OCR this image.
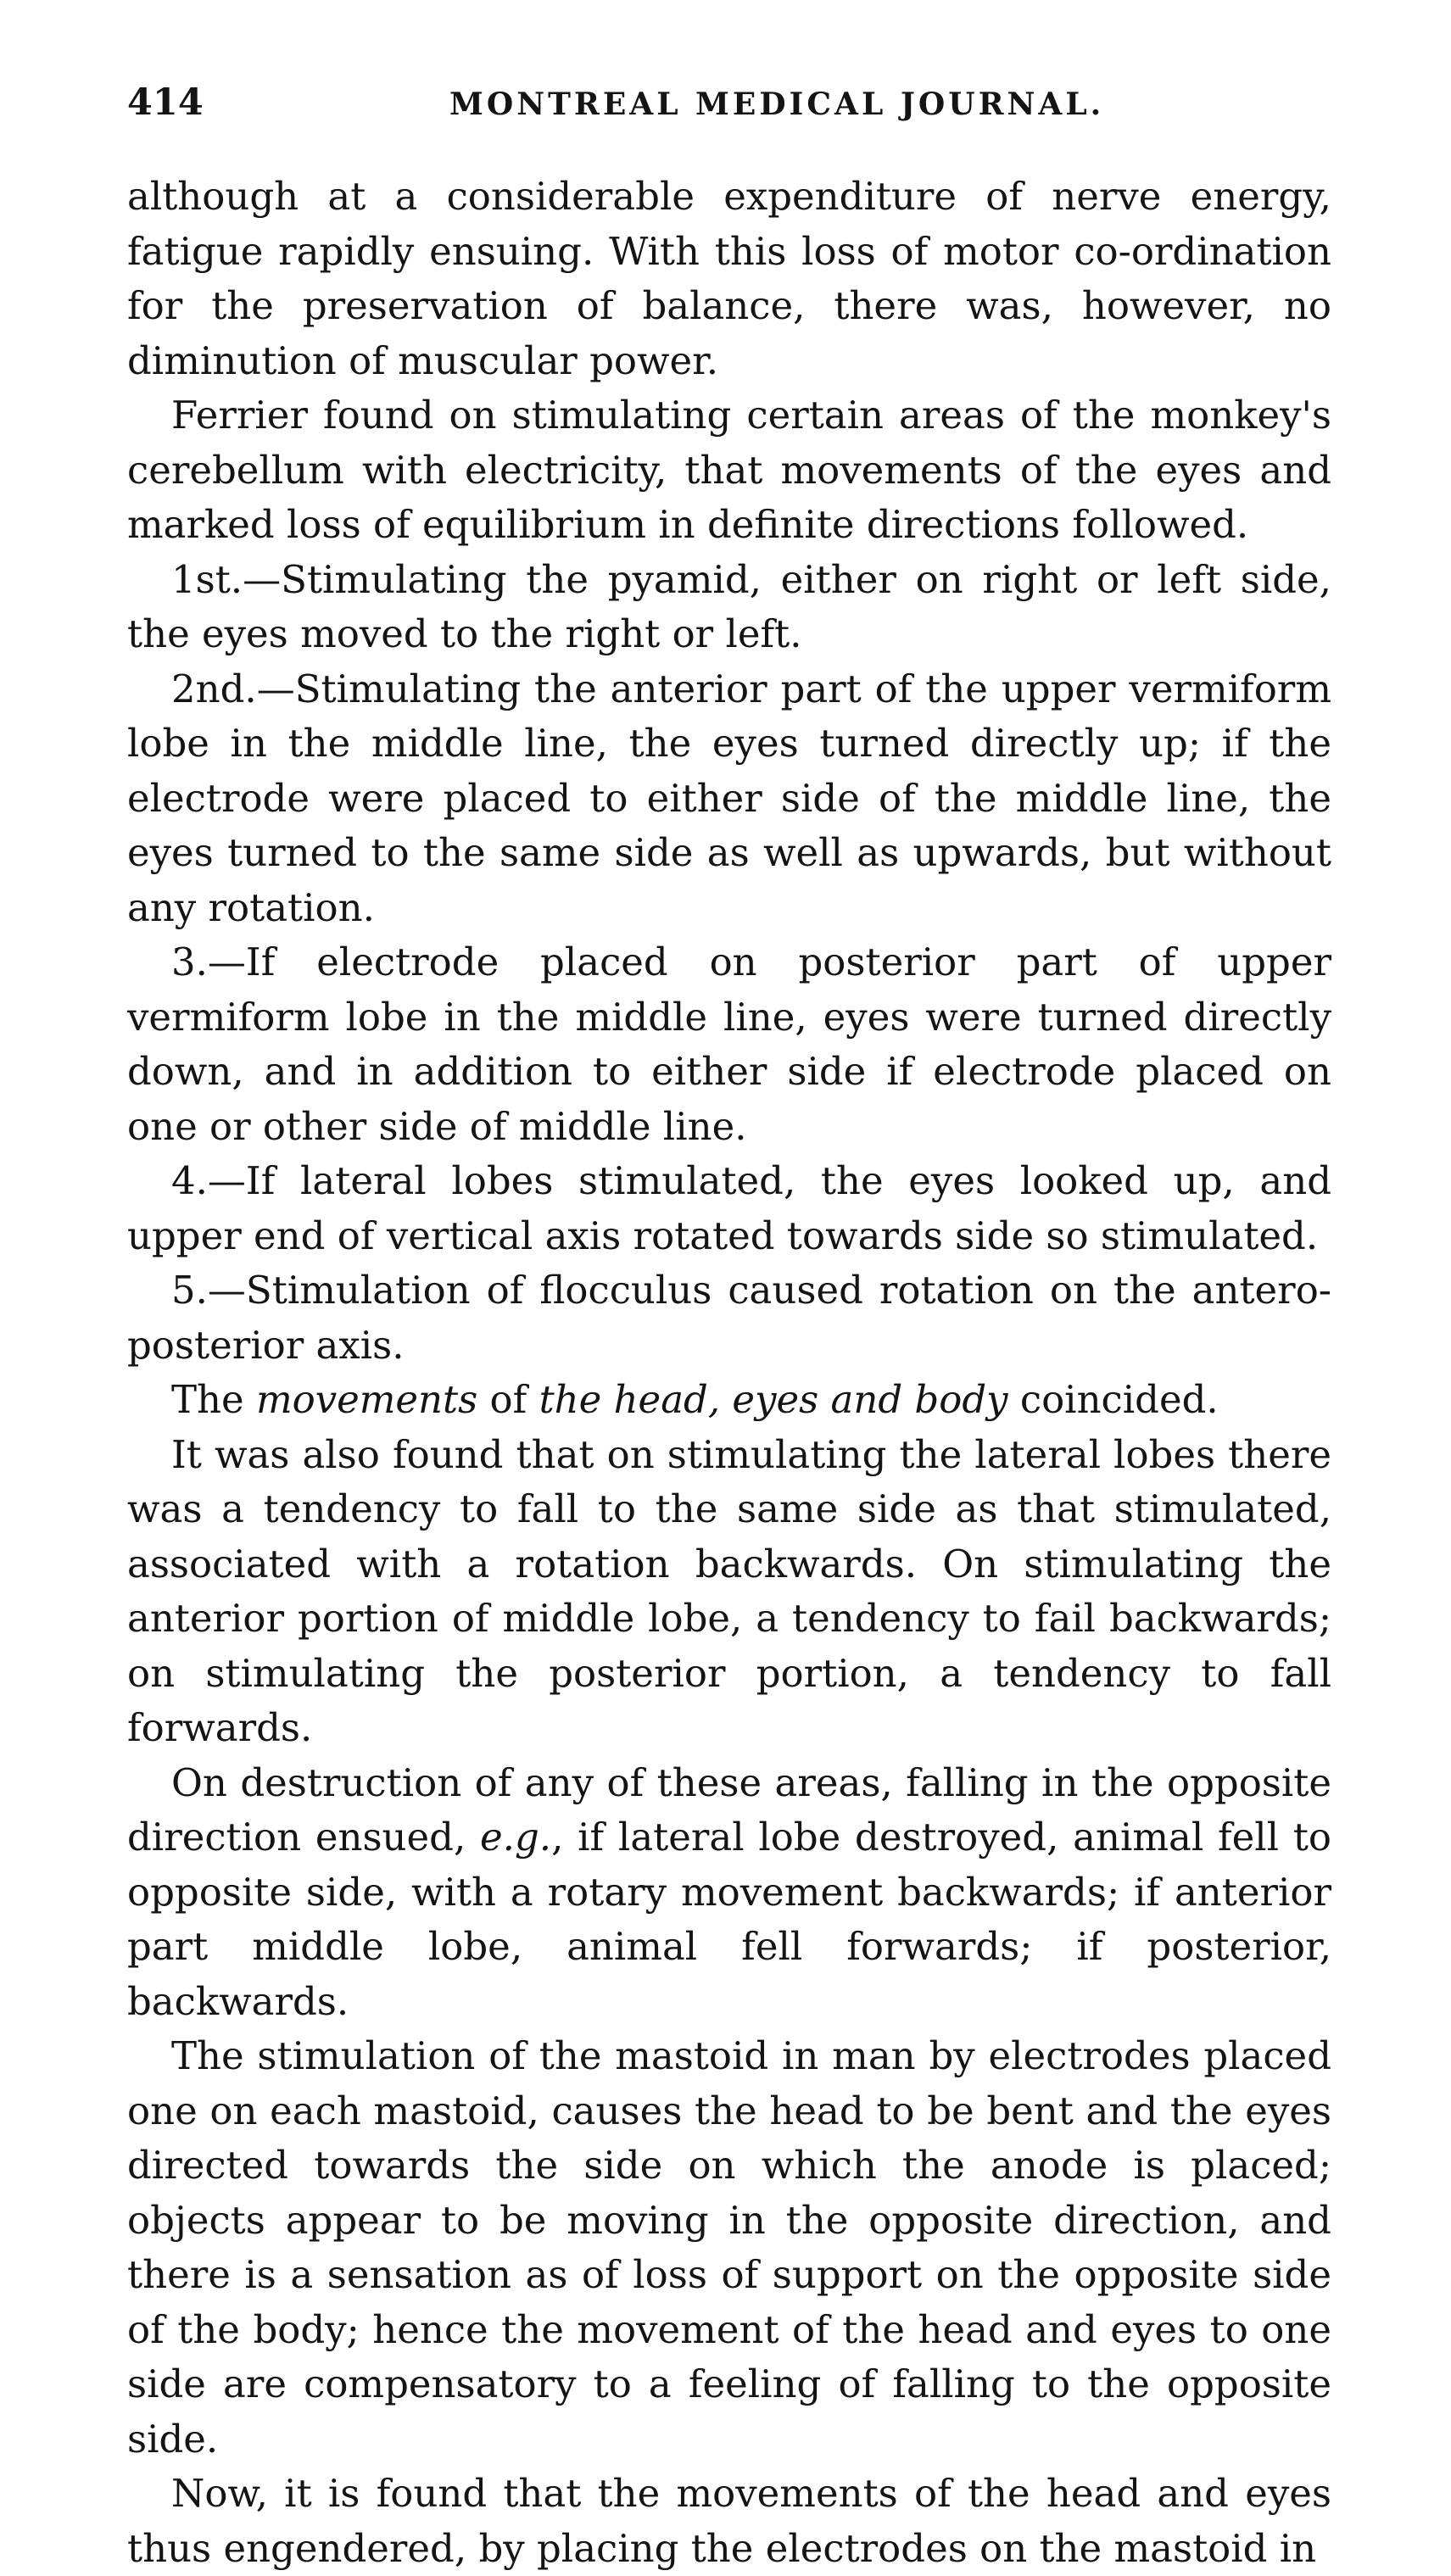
414	MONTREAL MEDICAL JOURNAL.

although at a considerable expenditure of nerve energy, fatigue rapidly ensuing. With this loss of motor co-ordination for the preservation of balance, there was, however, no diminution of muscular power.

Ferrier found on stimulating certain areas of the monkey's cerebellum with electricity, that movements of the eyes and marked loss of equilibrium in definite directions followed.

1st.—Stimulating the pyamid, either on right or left side, the eyes moved to the right or left.

2nd.—Stimulating the anterior part of the upper vermiform lobe in the middle line, the eyes turned directly up; if the electrode were placed to either side of the middle line, the eyes turned to the same side as well as upwards, but without any rotation.

3.—If electrode placed on posterior part of upper vermiform lobe in the middle line, eyes were turned directly down, and in addition to either side if electrode placed on one or other side of middle line.

4.—If lateral lobes stimulated, the eyes looked up, and upper end of vertical axis rotated towards side so stimulated.

5.—Stimulation of flocculus caused rotation on the antero-posterior axis.

The movements of the head, eyes and body coincided.

It was also found that on stimulating the lateral lobes there was a tendency to fall to the same side as that stimulated, associated with a rotation backwards. On stimulating the anterior portion of middle lobe, a tendency to fail backwards; on stimulating the posterior portion, a tendency to fall forwards.

On destruction of any of these areas, falling in the opposite direction ensued, e.g., if lateral lobe destroyed, animal fell to opposite side, with a rotary movement backwards; if anterior part middle lobe, animal fell forwards; if posterior, backwards.

The stimulation of the mastoid in man by electrodes placed one on each mastoid, causes the head to be bent and the eyes directed towards the side on which the anode is placed; objects appear to be moving in the opposite direction, and there is a sensation as of loss of support on the opposite side of the body; hence the movement of the head and eyes to one side are compensatory to a feeling of falling to the opposite side.

Now, it is found that the movements of the head and eyes thus engendered, by placing the electrodes on the mastoid in
